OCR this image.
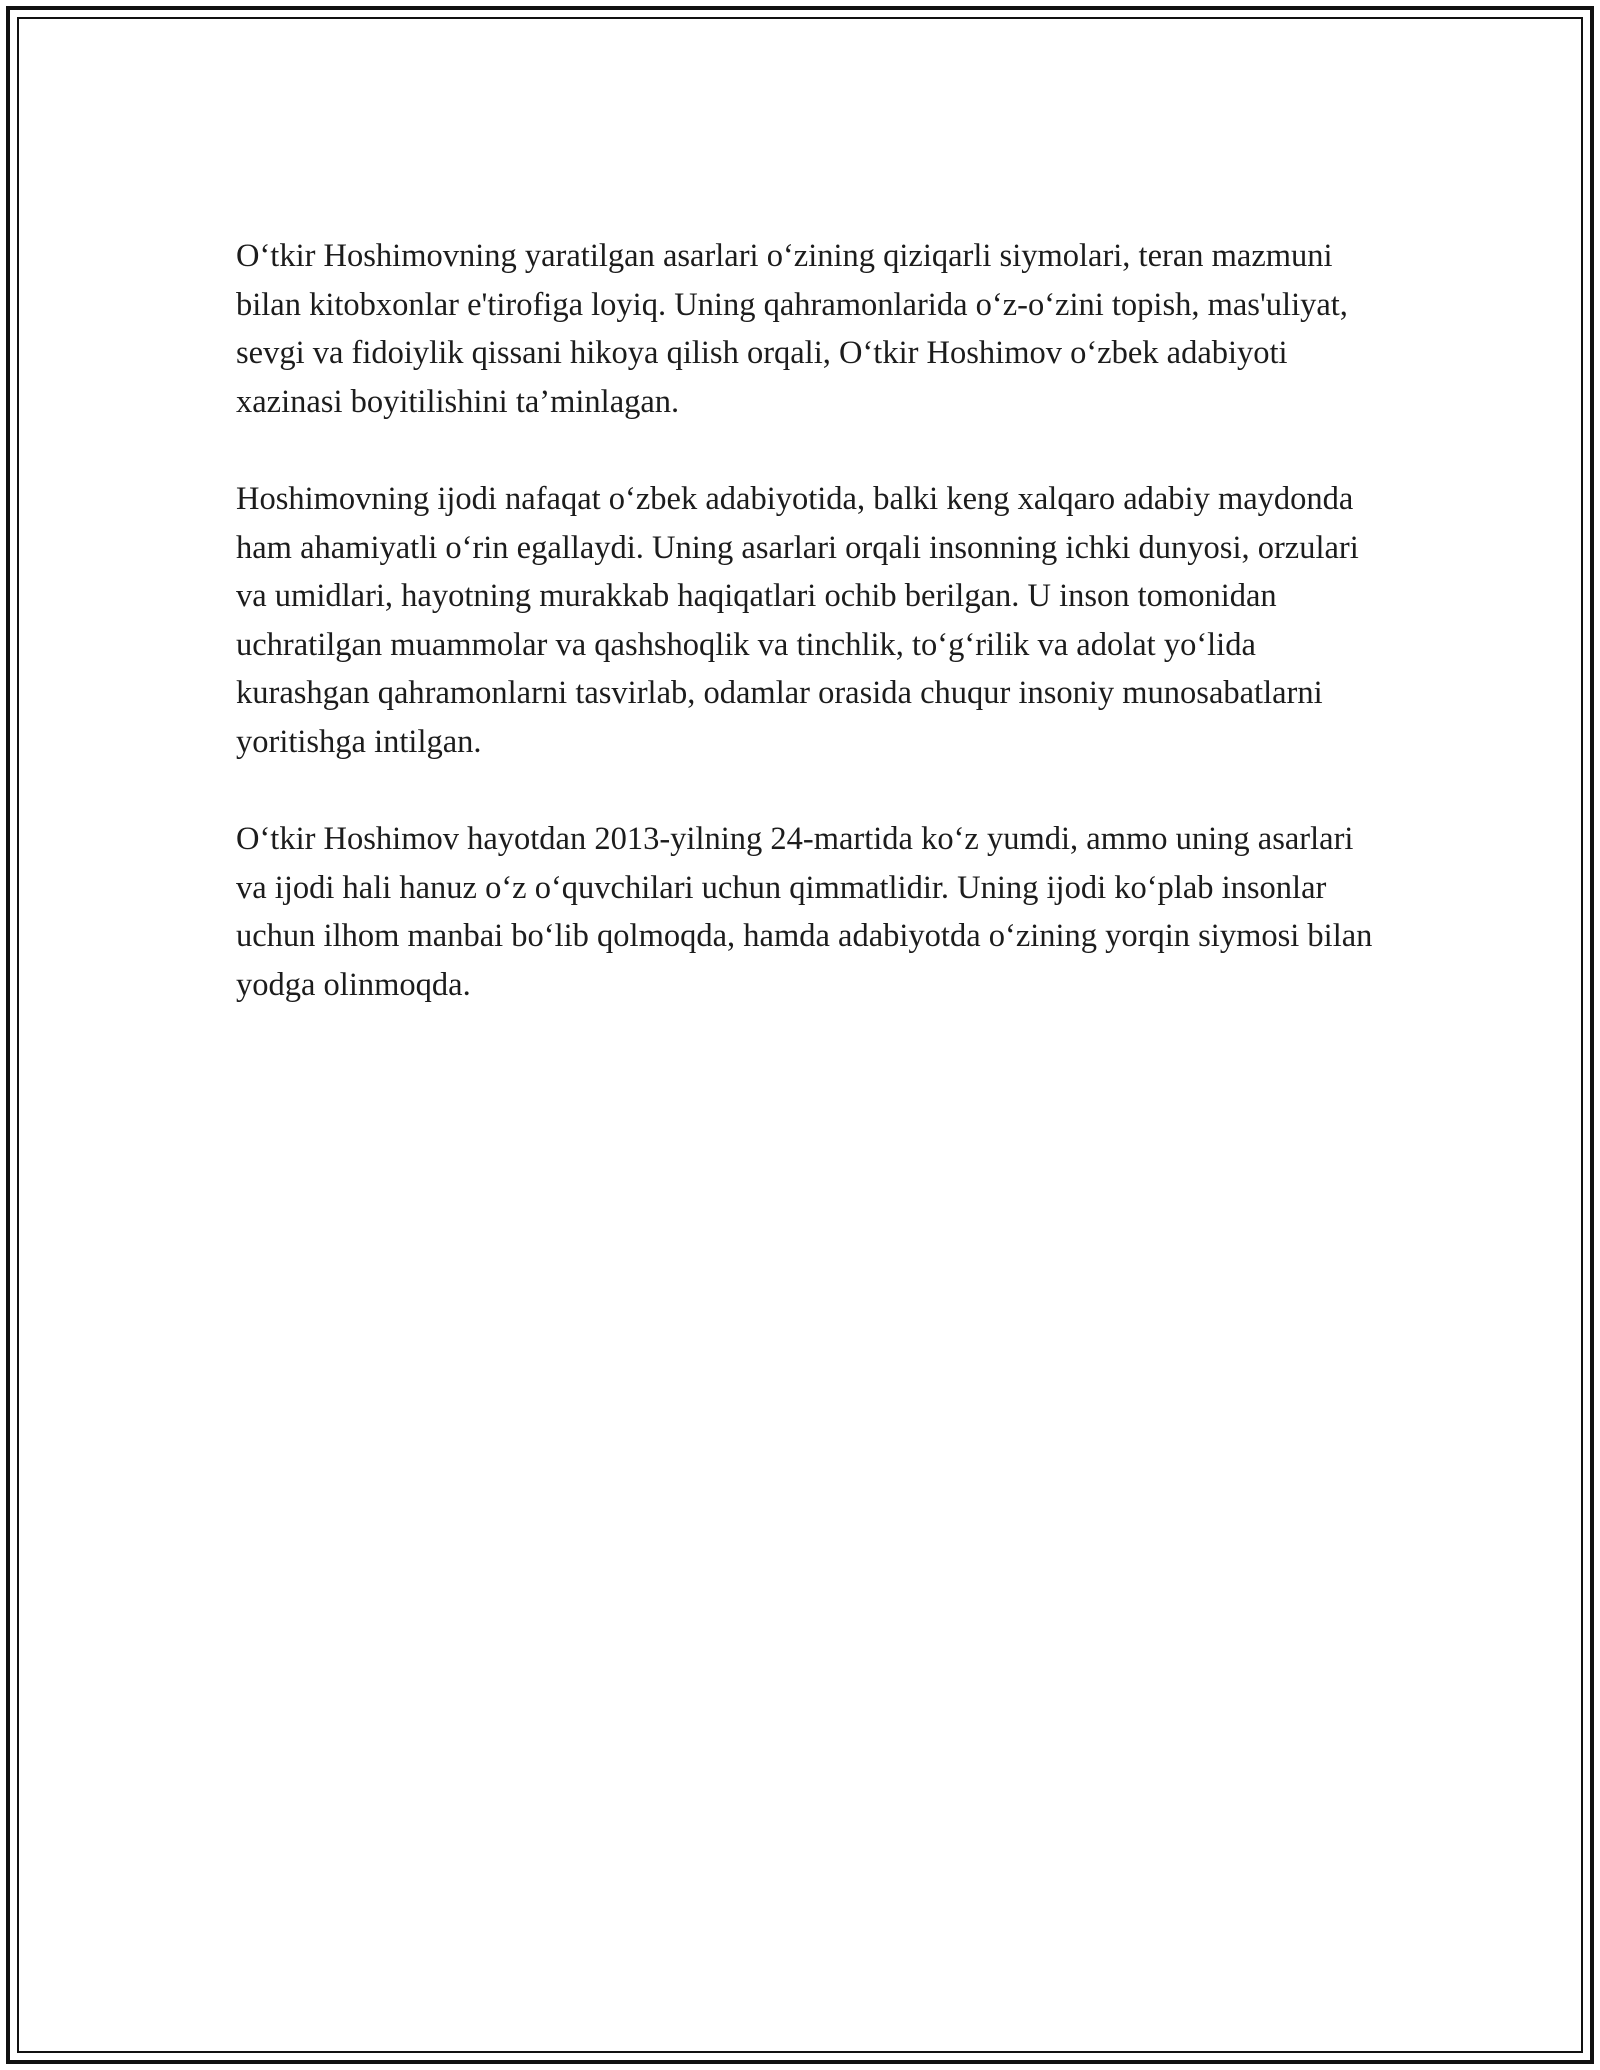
O‘tkir Hoshimovning yaratilgan asarlari o‘zining qiziqarli siymolari, teran mazmuni bilan kitobxonlar e'tirofiga loyiq. Uning qahramonlarida o‘z-o‘zini topish, mas'uliyat, sevgi va fidoiylik qissani hikoya qilish orqali, O‘tkir Hoshimov o‘zbek adabiyoti xazinasi boyitilishini ta’minlagan.

Hoshimovning ijodi nafaqat o‘zbek adabiyotida, balki keng xalqaro adabiy maydonda ham ahamiyatli o‘rin egallaydi. Uning asarlari orqali insonning ichki dunyosi, orzulari va umidlari, hayotning murakkab haqiqatlari ochib berilgan. U inson tomonidan uchratilgan muammolar va qashshoqlik va tinchlik, to‘g‘rilik va adolat yo‘lida kurashgan qahramonlarni tasvirlab, odamlar orasida chuqur insoniy munosabatlarni yoritishga intilgan.

O‘tkir Hoshimov hayotdan 2013-yilning 24-martida ko‘z yumdi, ammo uning asarlari va ijodi hali hanuz o‘z o‘quvchilari uchun qimmatlidir. Uning ijodi ko‘plab insonlar uchun ilhom manbai bo‘lib qolmoqda, hamda adabiyotda o‘zining yorqin siymosi bilan yodga olinmoqda.
